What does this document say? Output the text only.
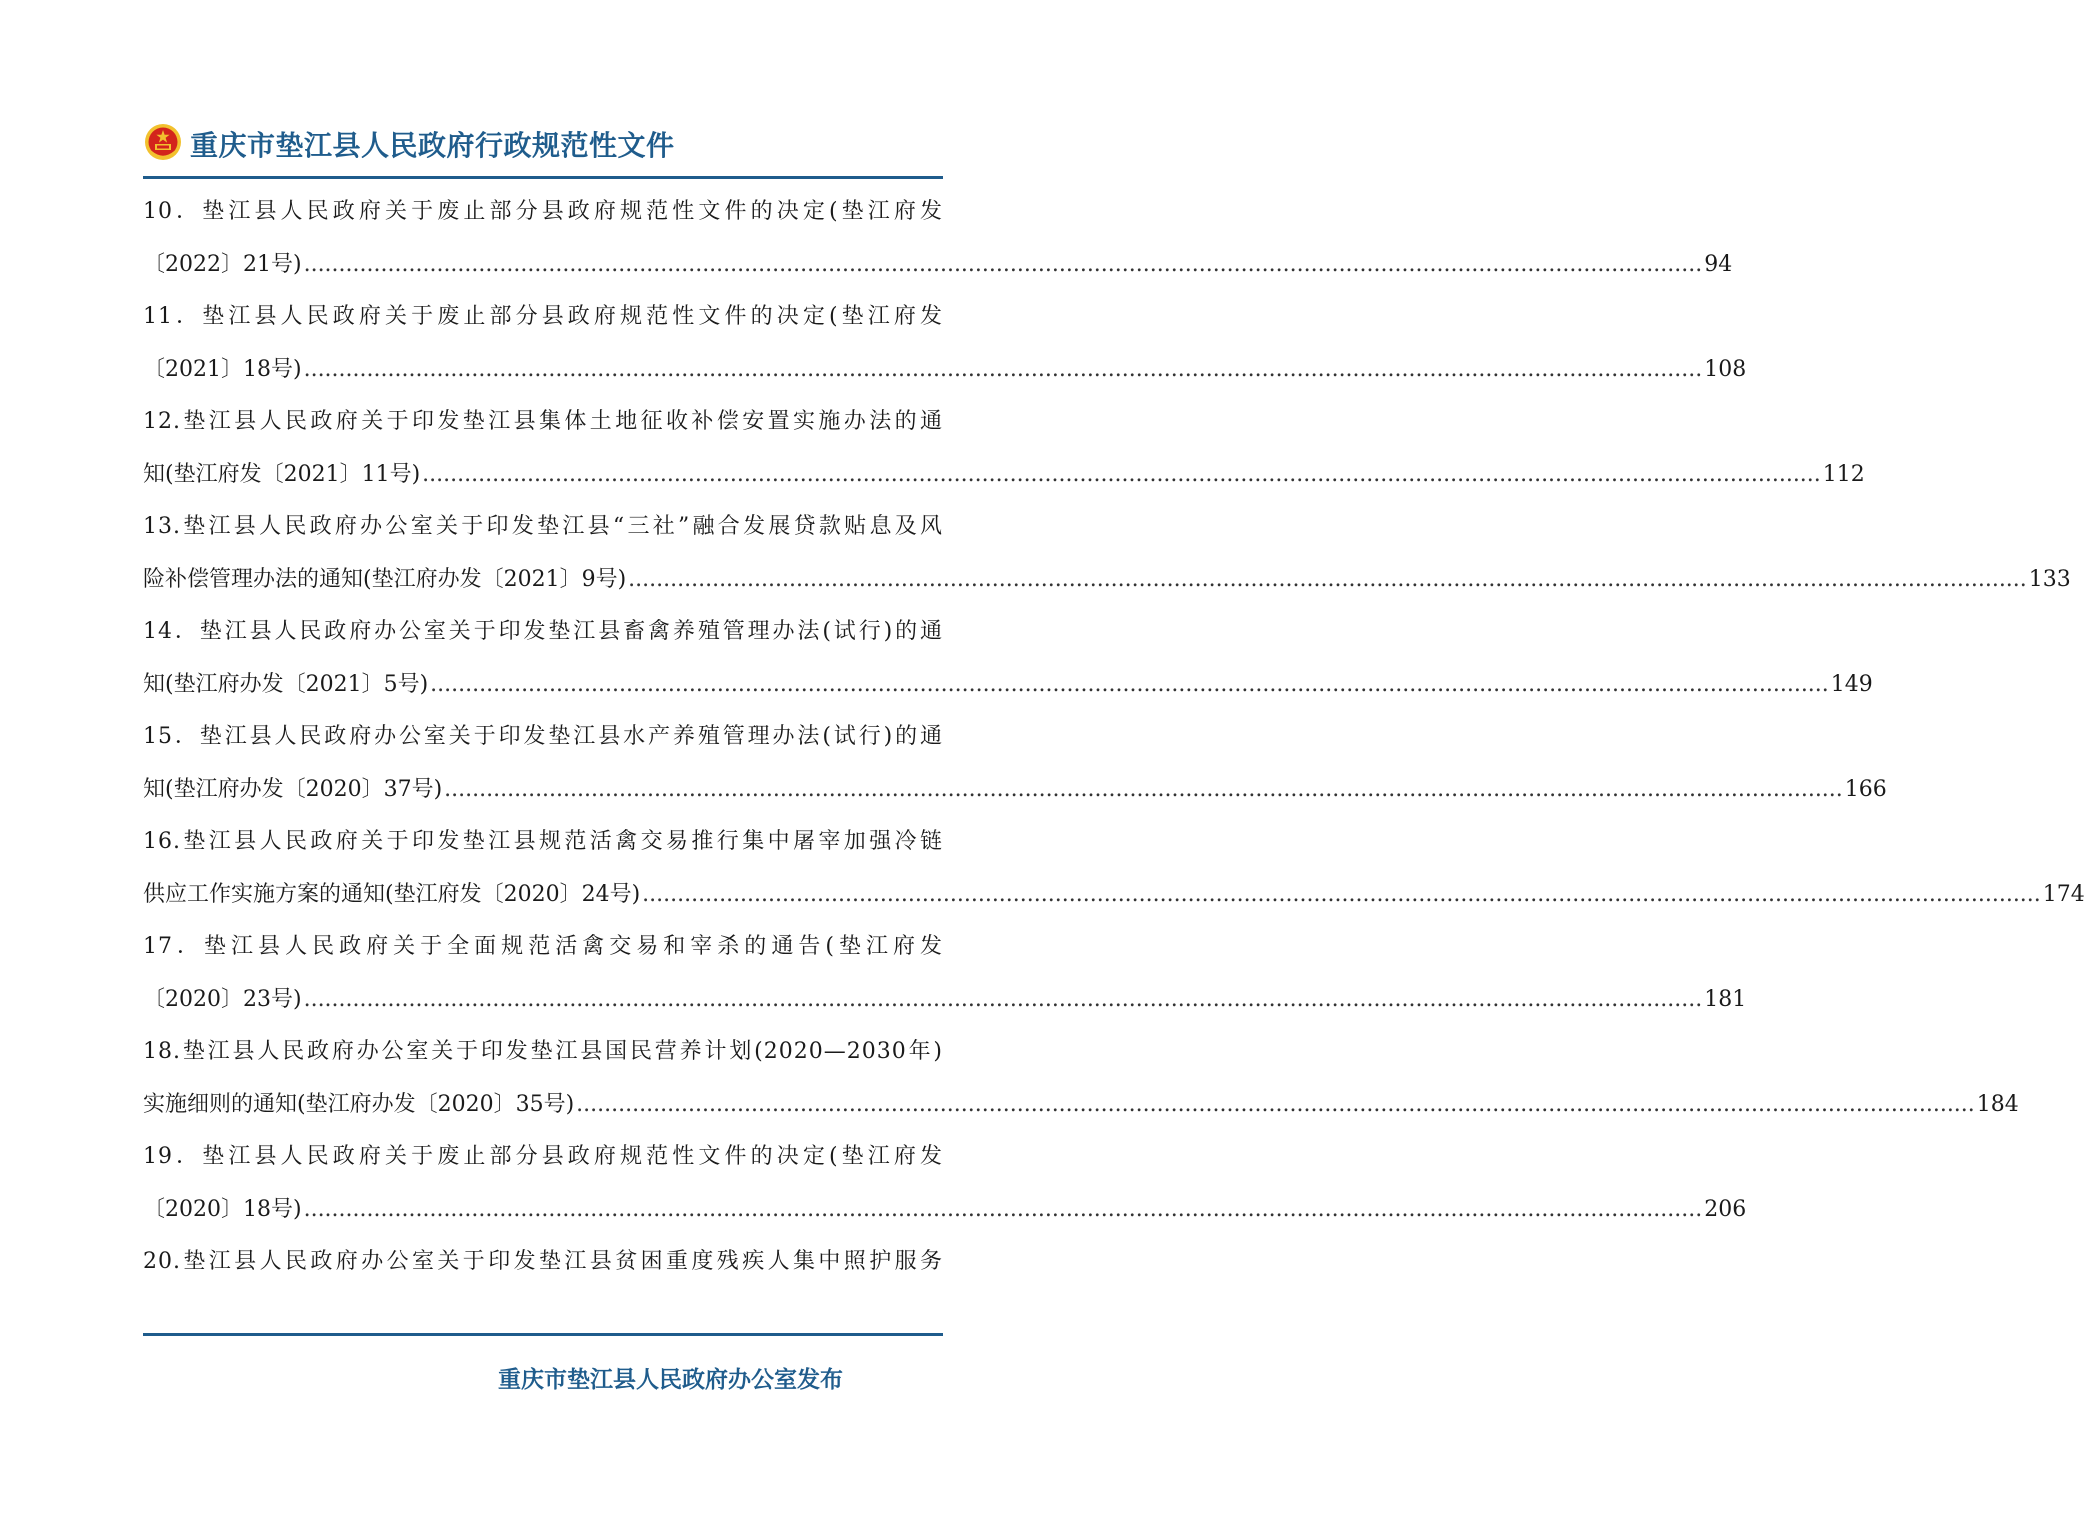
重庆市垫江县人民政府行政规范性文件
10．垫江县人民政府关于废止部分县政府规范性文件的决定(垫江府发
〔2022〕21号) ........................................................................................................................................................................................................ 94
11．垫江县人民政府关于废止部分县政府规范性文件的决定(垫江府发
〔2021〕18号) ........................................................................................................................................................................................................ 108
12.垫江县人民政府关于印发垫江县集体土地征收补偿安置实施办法的通
知(垫江府发〔2021〕11号) ........................................................................................................................................................................................................ 112
13.垫江县人民政府办公室关于印发垫江县“三社”融合发展贷款贴息及风
险补偿管理办法的通知(垫江府办发〔2021〕9号) ........................................................................................................................................................................................................ 133
14．垫江县人民政府办公室关于印发垫江县畜禽养殖管理办法(试行)的通
知(垫江府办发〔2021〕5号) ........................................................................................................................................................................................................ 149
15．垫江县人民政府办公室关于印发垫江县水产养殖管理办法(试行)的通
知(垫江府办发〔2020〕37号) ........................................................................................................................................................................................................ 166
16.垫江县人民政府关于印发垫江县规范活禽交易推行集中屠宰加强冷链
供应工作实施方案的通知(垫江府发〔2020〕24号) ........................................................................................................................................................................................................ 174
17．垫江县人民政府关于全面规范活禽交易和宰杀的通告(垫江府发
〔2020〕23号) ........................................................................................................................................................................................................ 181
18.垫江县人民政府办公室关于印发垫江县国民营养计划(2020—2030年)
实施细则的通知(垫江府办发〔2020〕35号) ........................................................................................................................................................................................................ 184
19．垫江县人民政府关于废止部分县政府规范性文件的决定(垫江府发
〔2020〕18号) ........................................................................................................................................................................................................ 206
20.垫江县人民政府办公室关于印发垫江县贫困重度残疾人集中照护服务
重庆市垫江县人民政府办公室发布
